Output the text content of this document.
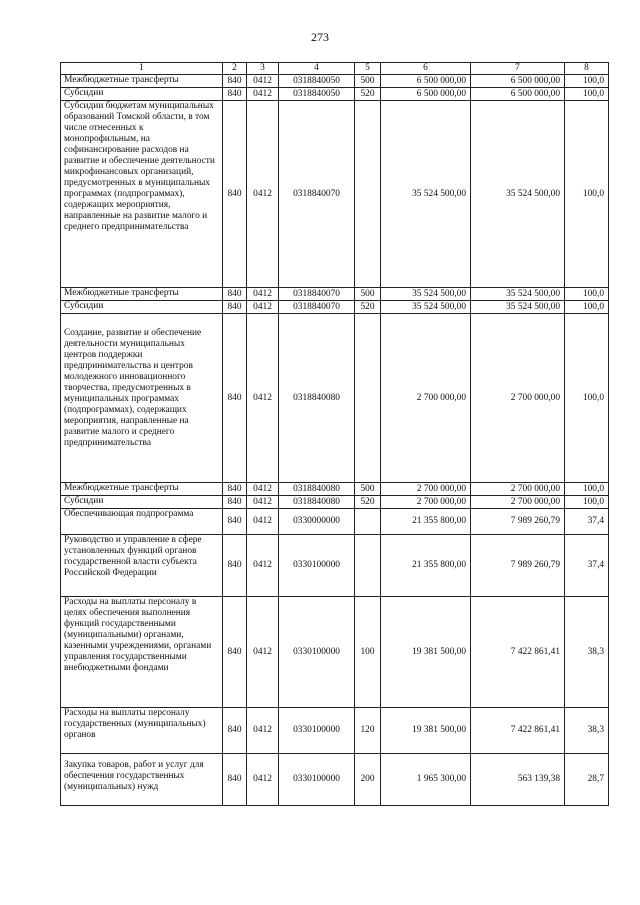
273
1	2	3	4	5	6	7	8
Межбюджетные трансферты	840	0412	0318840050	500	6 500 000,00	6 500 000,00	100,0
Субсидии	840	0412	0318840050	520	6 500 000,00	6 500 000,00	100,0
Субсидии бюджетам муниципальных образований Томской области, в том числе отнесенных к монопрофильным, на софинансирование расходов на развитие и обеспечение деятельности микрофинансовых организаций, предусмотренных в муниципальных программах (подпрограммах), содержащих мероприятия, направленные на развитие малого и среднего предпринимательства	840	0412	0318840070		35 524 500,00	35 524 500,00	100,0
Межбюджетные трансферты	840	0412	0318840070	500	35 524 500,00	35 524 500,00	100,0
Субсидии	840	0412	0318840070	520	35 524 500,00	35 524 500,00	100,0
Создание, развитие и обеспечение деятельности муниципальных центров поддержки предпринимательства и центров молодежного инновационного творчества, предусмотренных в муниципальных программах (подпрограммах), содержащих мероприятия, направленные на развитие малого и среднего предпринимательства	840	0412	0318840080		2 700 000,00	2 700 000,00	100,0
Межбюджетные трансферты	840	0412	0318840080	500	2 700 000,00	2 700 000,00	100,0
Субсидии	840	0412	0318840080	520	2 700 000,00	2 700 000,00	100,0
Обеспечивающая подпрограмма	840	0412	0330000000		21 355 800,00	7 989 260,79	37,4
Руководство и управление в сфере установленных функций органов государственной власти субъекта Российской Федерации	840	0412	0330100000		21 355 800,00	7 989 260,79	37,4
Расходы на выплаты персоналу в целях обеспечения выполнения функций государственными (муниципальными) органами, казенными учреждениями, органами управления государственными внебюджетными фондами	840	0412	0330100000	100	19 381 500,00	7 422 861,41	38,3
Расходы на выплаты персоналу государственных (муниципальных) органов	840	0412	0330100000	120	19 381 500,00	7 422 861,41	38,3
Закупка товаров, работ и услуг для обеспечения государственных (муниципальных) нужд	840	0412	0330100000	200	1 965 300,00	563 139,38	28,7
